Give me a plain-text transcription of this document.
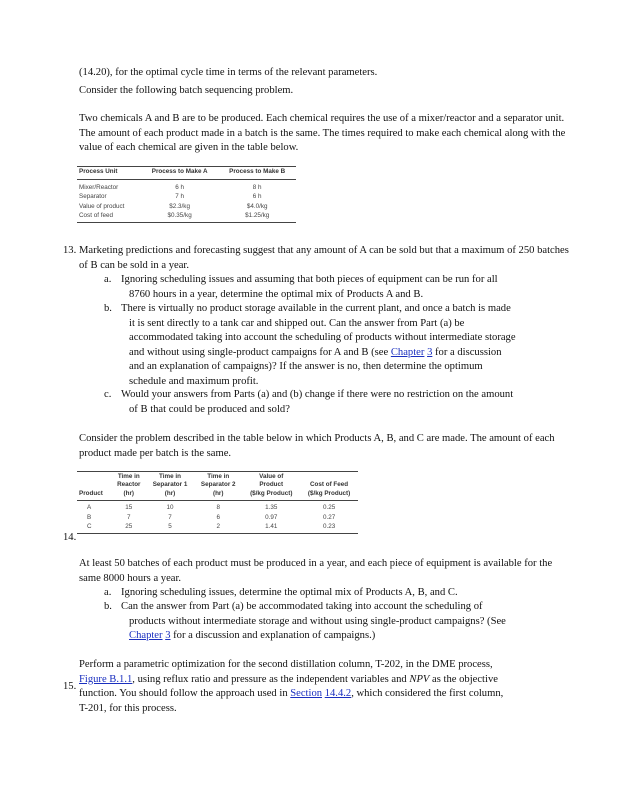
(14.20), for the optimal cycle time in terms of the relevant parameters.

Consider the following batch sequencing problem.

Two chemicals A and B are to be produced. Each chemical requires the use of a mixer/reactor and a separator unit. The amount of each product made in a batch is the same. The times required to make each chemical along with the value of each chemical are given in the table below.

Process Unit	Process to Make A	Process to Make B
Mixer/Reactor	6 h	8 h
Separator	7 h	6 h
Value of product	$2.3/kg	$4.0/kg
Cost of feed	$0.35/kg	$1.25/kg
13. Marketing predictions and forecasting suggest that any amount of A can be sold but that a maximum of 250 batches of B can be sold in a year.

a. Ignoring scheduling issues and assuming that both pieces of equipment can be run for all
8760 hours in a year, determine the optimal mix of Products A and B.
b. There is virtually no product storage available in the current plant, and once a batch is made
it is sent directly to a tank car and shipped out. Can the answer from Part (a) be
accommodated taking into account the scheduling of products without intermediate storage
and without using single-product campaigns for A and B (see Chapter 3 for a discussion
and an explanation of campaigns)? If the answer is no, then determine the optimum
schedule and maximum profit.
c. Would your answers from Parts (a) and (b) change if there were no restriction on the amount
of B that could be produced and sold?

Consider the problem described in the table below in which Products A, B, and C are made. The amount of each product made per batch is the same.

Product	Time in
Reactor
(hr)	Time in
Separator 1
(hr)	Time in
Separator 2
(hr)	Value of
Product
($/kg Product)	Cost of Feed
($/kg Product)
A	15	10	8	1.35	0.25
B	7	7	6	0.97	0.27
C	25	5	2	1.41	0.23
14.

At least 50 batches of each product must be produced in a year, and each piece of equipment is available for the same 8000 hours a year.

a. Ignoring scheduling issues, determine the optimal mix of Products A, B, and C.
b. Can the answer from Part (a) be accommodated taking into account the scheduling of
products without intermediate storage and without using single-product campaigns? (See
Chapter 3 for a discussion and explanation of campaigns.)
15.
Perform a parametric optimization for the second distillation column, T-202, in the DME process,
Figure B.1.1, using reflux ratio and pressure as the independent variables and NPV as the objective
function. You should follow the approach used in Section 14.4.2, which considered the first column,
T-201, for this process.
